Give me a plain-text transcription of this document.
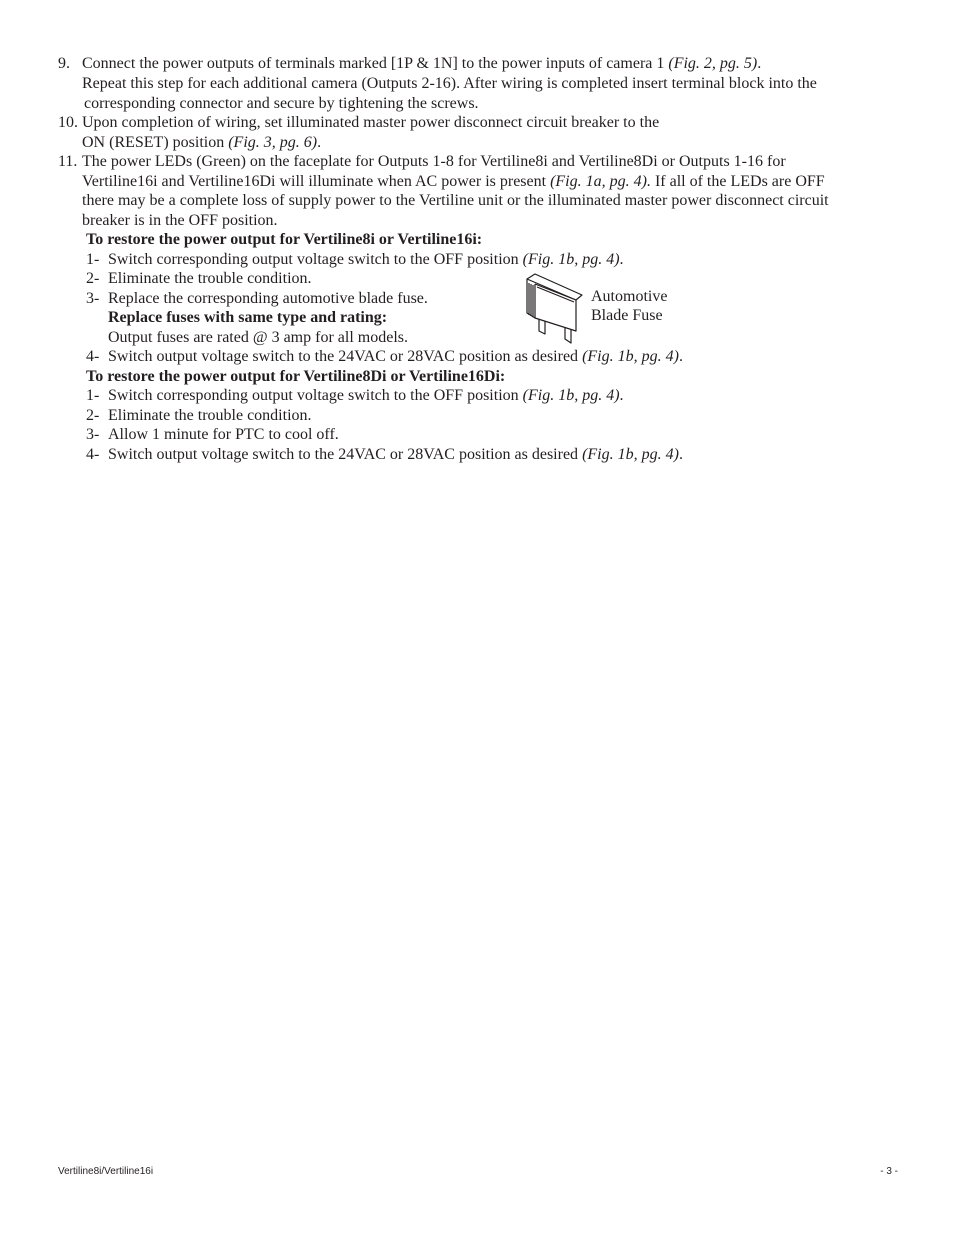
9. Connect the power outputs of terminals marked [1P & 1N] to the power inputs of camera 1 (Fig. 2, pg. 5).
Repeat this step for each additional camera (Outputs 2-16). After wiring is completed insert terminal block into the
corresponding connector and secure by tightening the screws.
10. Upon completion of wiring, set illuminated master power disconnect circuit breaker to the
ON (RESET) position (Fig. 3, pg. 6).
11. The power LEDs (Green) on the faceplate for Outputs 1-8 for Vertiline8i and Vertiline8Di or Outputs 1-16 for
Vertiline16i and Vertiline16Di will illuminate when AC power is present (Fig. 1a, pg. 4). If all of the LEDs are OFF
there may be a complete loss of supply power to the Vertiline unit or the illuminated master power disconnect circuit
breaker is in the OFF position.
To restore the power output for Vertiline8i or Vertiline16i:
1- Switch corresponding output voltage switch to the OFF position (Fig. 1b, pg. 4).
2- Eliminate the trouble condition.
3- Replace the corresponding automotive blade fuse.
Replace fuses with same type and rating:
Output fuses are rated @ 3 amp for all models.
4- Switch output voltage switch to the 24VAC or 28VAC position as desired (Fig. 1b, pg. 4).
Automotive
Blade Fuse
To restore the power output for Vertiline8Di or Vertiline16Di:
1- Switch corresponding output voltage switch to the OFF position (Fig. 1b, pg. 4).
2- Eliminate the trouble condition.
3- Allow 1 minute for PTC to cool off.
4- Switch output voltage switch to the 24VAC or 28VAC position as desired (Fig. 1b, pg. 4).
Vertiline8i/Vertiline16i	- 3 -
